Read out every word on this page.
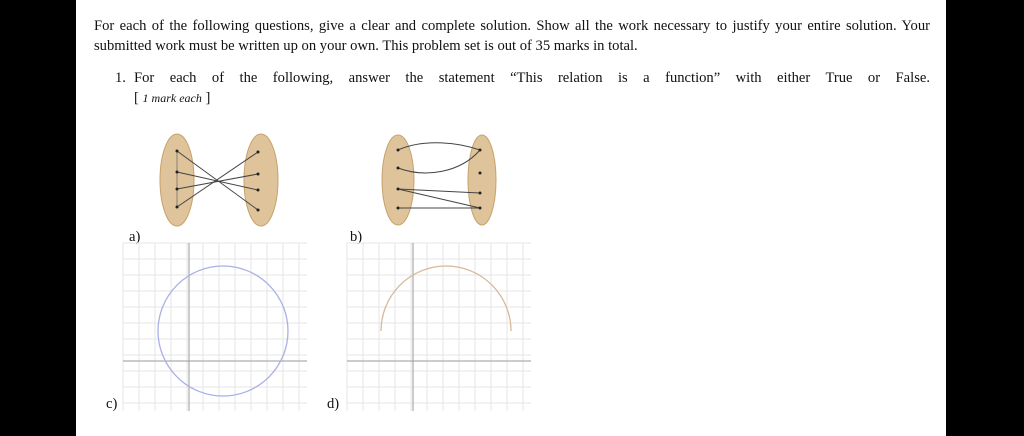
For each of the following questions, give a clear and complete solution. Show all the work necessary to justify your entire solution. Your submitted work must be written up on your own. This problem set is out of 35 marks in total.
1. For each of the following, answer the statement “This relation is a function” with either True or False.
[ 1 mark each ]
a)	b)
c)	d)
